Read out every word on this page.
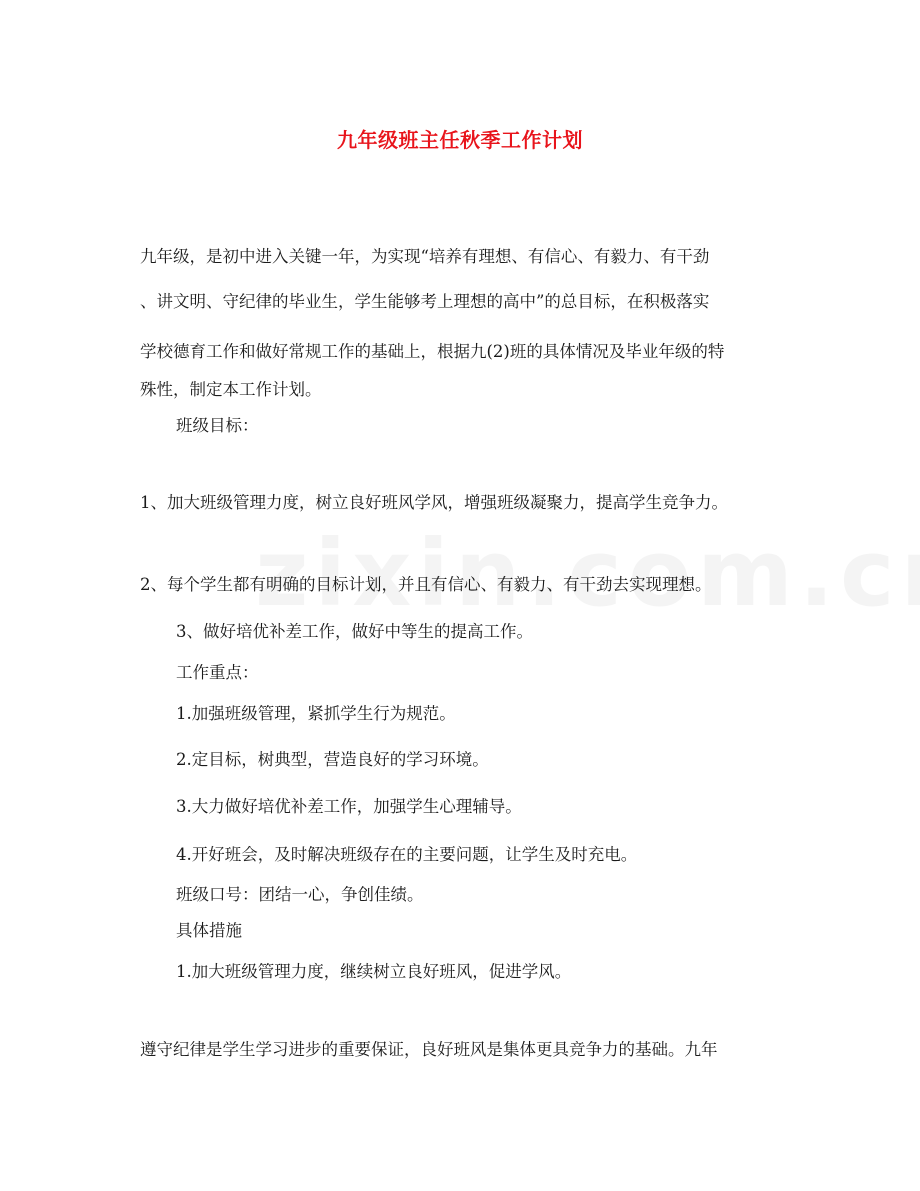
九年级班主任秋季工作计划
九年级，是初中进入关键一年，为实现“培养有理想、有信心、有毅力、有干劲
、讲文明、守纪律的毕业生，学生能够考上理想的高中”的总目标，在积极落实
学校德育工作和做好常规工作的基础上，根据九(2)班的具体情况及毕业年级的特
殊性，制定本工作计划。
班级目标：
1、加大班级管理力度，树立良好班风学风，增强班级凝聚力，提高学生竞争力。
2、每个学生都有明确的目标计划，并且有信心、有毅力、有干劲去实现理想。
3、做好培优补差工作，做好中等生的提高工作。
工作重点：
1.加强班级管理，紧抓学生行为规范。
2.定目标，树典型，营造良好的学习环境。
3.大力做好培优补差工作，加强学生心理辅导。
4.开好班会，及时解决班级存在的主要问题，让学生及时充电。
班级口号：团结一心，争创佳绩。
具体措施
1.加大班级管理力度，继续树立良好班风，促进学风。
遵守纪律是学生学习进步的重要保证，良好班风是集体更具竞争力的基础。九年
